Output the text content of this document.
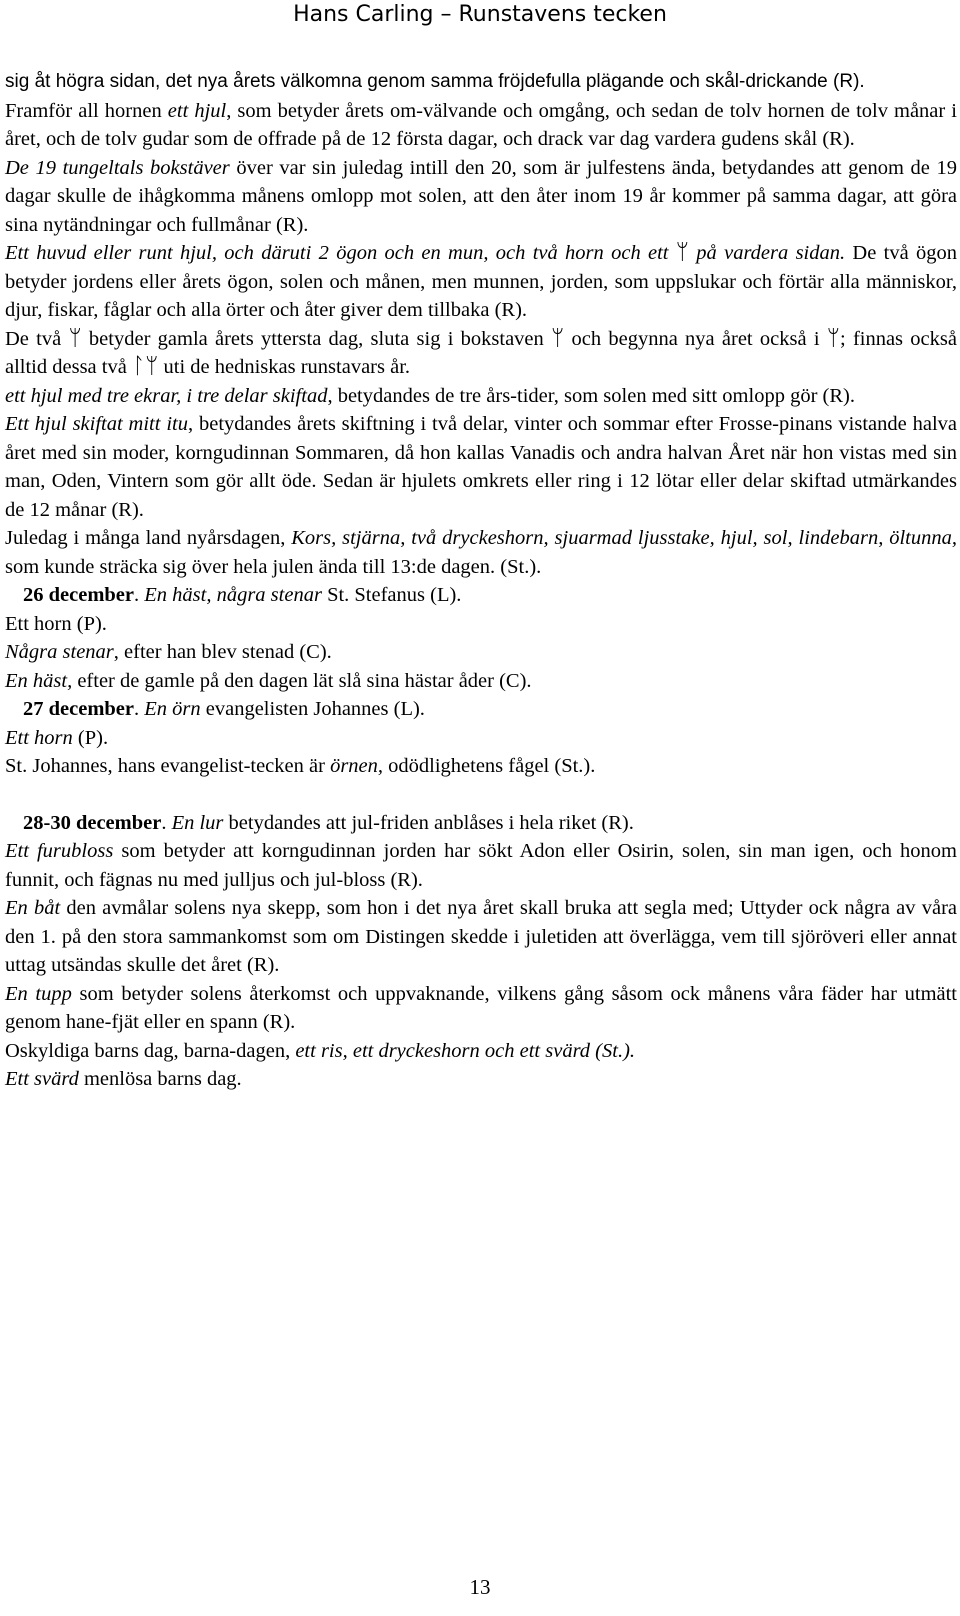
Hans Carling – Runstavens tecken

sig åt högra sidan, det nya årets välkomna genom samma fröjdefulla plägande och skål-drickande (R).

Framför all hornen ett hjul, som betyder årets om-välvande och omgång, och sedan de tolv hornen de tolv månar i året, och de tolv gudar som de offrade på de 12 första dagar, och drack var dag vardera gudens skål (R).

De 19 tungeltals bokstäver över var sin juledag intill den 20, som är julfestens ända, betydandes att genom de 19 dagar skulle de ihågkomma månens omlopp mot solen, att den åter inom 19 år kommer på samma dagar, att göra sina nytändningar och fullmånar (R).

Ett huvud eller runt hjul, och däruti 2 ögon och en mun, och två horn och ett ᛘ på vardera sidan. De två ögon betyder jordens eller årets ögon, solen och månen, men munnen, jorden, som uppslukar och förtär alla människor, djur, fiskar, fåglar och alla örter och åter giver dem tillbaka (R).

De två ᛘ betyder gamla årets yttersta dag, sluta sig i bokstaven ᛘ och begynna nya året också i ᛘ; finnas också alltid dessa två ᛚᛘ uti de hedniskas runstavars år.

ett hjul med tre ekrar, i tre delar skiftad, betydandes de tre års-tider, som solen med sitt omlopp gör (R).

Ett hjul skiftat mitt itu, betydandes årets skiftning i två delar, vinter och sommar efter Frosse-pinans vistande halva året med sin moder, korngudinnan Sommaren, då hon kallas Vanadis och andra halvan Året när hon vistas med sin man, Oden, Vintern som gör allt öde. Sedan är hjulets omkrets eller ring i 12 lötar eller delar skiftad utmärkandes de 12 månar (R).

Juledag i många land nyårsdagen, Kors, stjärna, två dryckeshorn, sjuarmad ljusstake, hjul, sol, lindebarn, öltunna, som kunde sträcka sig över hela julen ända till 13:de dagen. (St.).

26 december. En häst, några stenar St. Stefanus (L).

Ett horn (P).

Några stenar, efter han blev stenad (C).

En häst, efter de gamle på den dagen lät slå sina hästar åder (C).

27 december. En örn evangelisten Johannes (L).

Ett horn (P).

St. Johannes, hans evangelist-tecken är örnen, odödlighetens fågel (St.).

28-30 december. En lur betydandes att jul-friden anblåses i hela riket (R).

Ett furubloss som betyder att korngudinnan jorden har sökt Adon eller Osirin, solen, sin man igen, och honom funnit, och fägnas nu med julljus och jul-bloss (R).

En båt den avmålar solens nya skepp, som hon i det nya året skall bruka att segla med; Uttyder ock några av våra den 1. på den stora sammankomst som om Distingen skedde i juletiden att överlägga, vem till sjöröveri eller annat uttag utsändas skulle det året (R).

En tupp som betyder solens återkomst och uppvaknande, vilkens gång såsom ock månens våra fäder har utmätt genom hane-fjät eller en spann (R).

Oskyldiga barns dag, barna-dagen, ett ris, ett dryckeshorn och ett svärd (St.).

Ett svärd menlösa barns dag.

13
